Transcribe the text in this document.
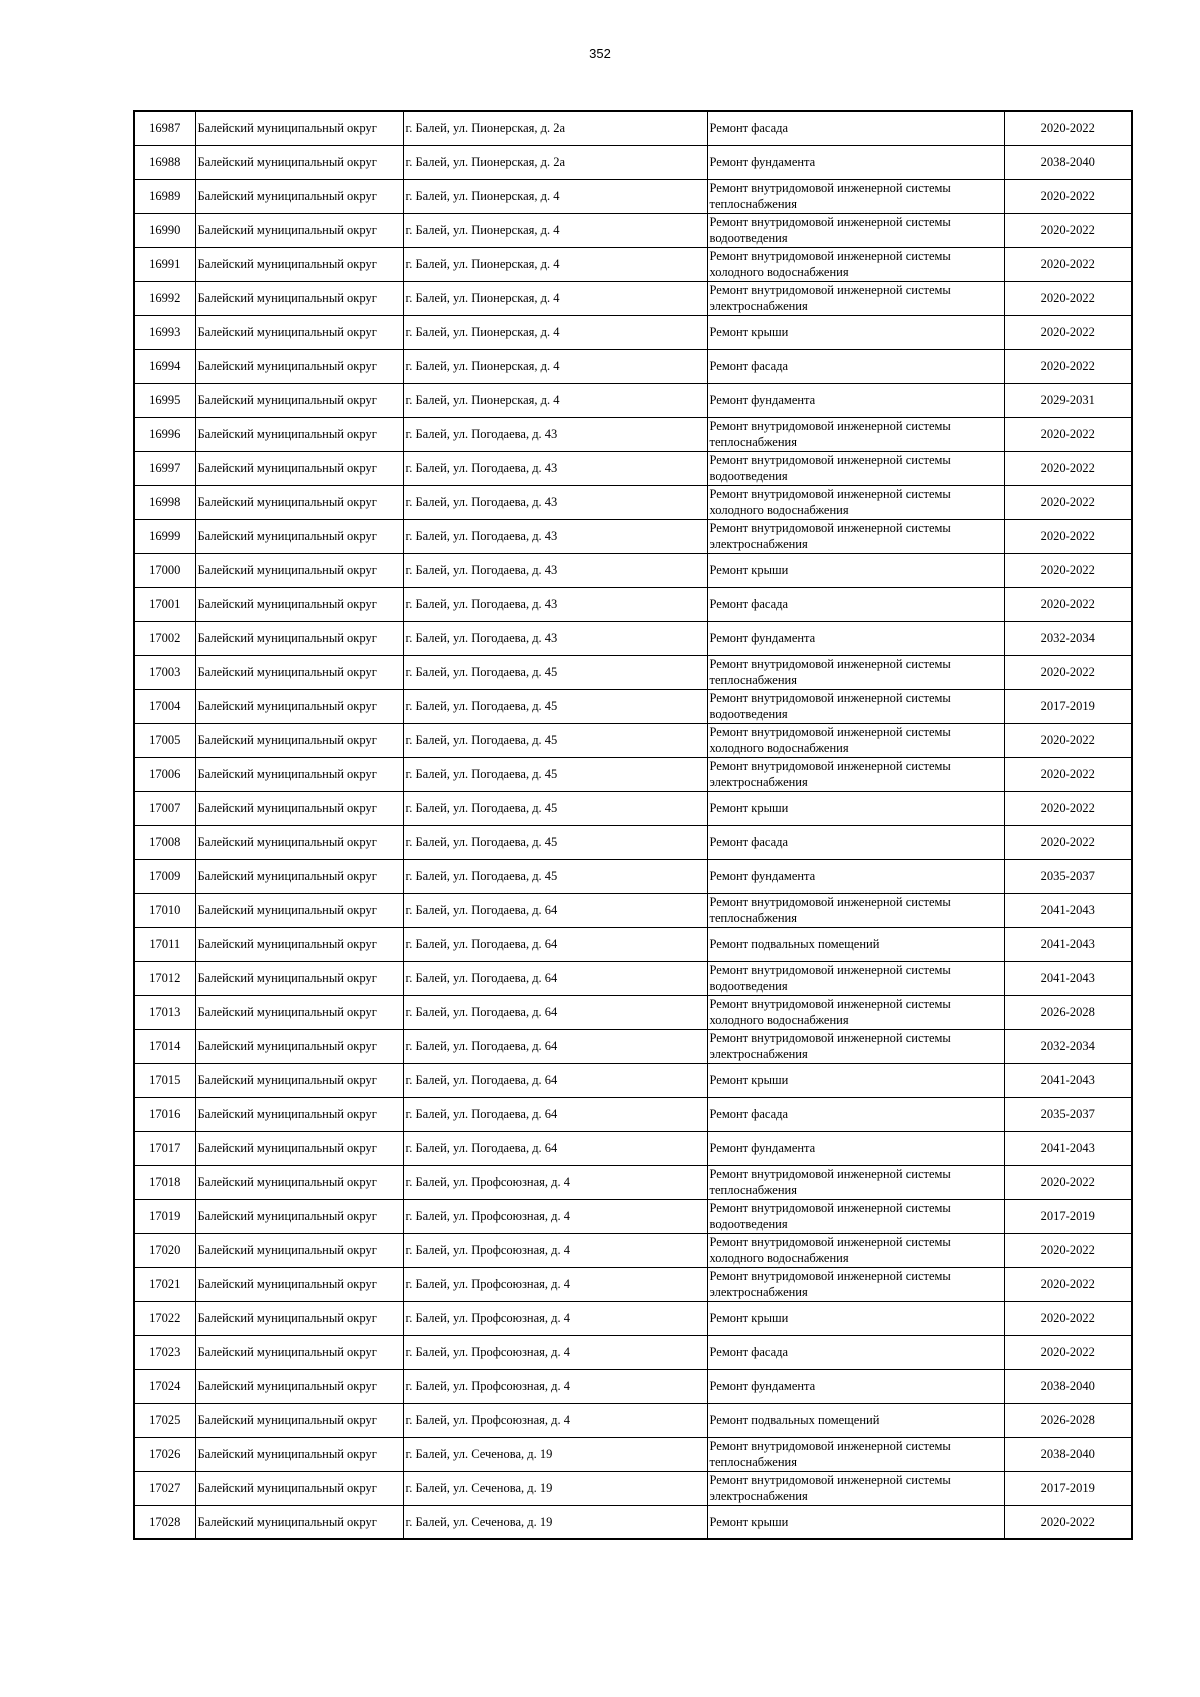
352
16987	Балейский муниципальный округ	г. Балей, ул. Пионерская, д. 2а	Ремонт фасада	2020-2022
16988	Балейский муниципальный округ	г. Балей, ул. Пионерская, д. 2а	Ремонт фундамента	2038-2040
16989	Балейский муниципальный округ	г. Балей, ул. Пионерская, д. 4	Ремонт внутридомовой инженерной системы теплоснабжения	2020-2022
16990	Балейский муниципальный округ	г. Балей, ул. Пионерская, д. 4	Ремонт внутридомовой инженерной системы водоотведения	2020-2022
16991	Балейский муниципальный округ	г. Балей, ул. Пионерская, д. 4	Ремонт внутридомовой инженерной системы холодного водоснабжения	2020-2022
16992	Балейский муниципальный округ	г. Балей, ул. Пионерская, д. 4	Ремонт внутридомовой инженерной системы электроснабжения	2020-2022
16993	Балейский муниципальный округ	г. Балей, ул. Пионерская, д. 4	Ремонт крыши	2020-2022
16994	Балейский муниципальный округ	г. Балей, ул. Пионерская, д. 4	Ремонт фасада	2020-2022
16995	Балейский муниципальный округ	г. Балей, ул. Пионерская, д. 4	Ремонт фундамента	2029-2031
16996	Балейский муниципальный округ	г. Балей, ул. Погодаева, д. 43	Ремонт внутридомовой инженерной системы теплоснабжения	2020-2022
16997	Балейский муниципальный округ	г. Балей, ул. Погодаева, д. 43	Ремонт внутридомовой инженерной системы водоотведения	2020-2022
16998	Балейский муниципальный округ	г. Балей, ул. Погодаева, д. 43	Ремонт внутридомовой инженерной системы холодного водоснабжения	2020-2022
16999	Балейский муниципальный округ	г. Балей, ул. Погодаева, д. 43	Ремонт внутридомовой инженерной системы электроснабжения	2020-2022
17000	Балейский муниципальный округ	г. Балей, ул. Погодаева, д. 43	Ремонт крыши	2020-2022
17001	Балейский муниципальный округ	г. Балей, ул. Погодаева, д. 43	Ремонт фасада	2020-2022
17002	Балейский муниципальный округ	г. Балей, ул. Погодаева, д. 43	Ремонт фундамента	2032-2034
17003	Балейский муниципальный округ	г. Балей, ул. Погодаева, д. 45	Ремонт внутридомовой инженерной системы теплоснабжения	2020-2022
17004	Балейский муниципальный округ	г. Балей, ул. Погодаева, д. 45	Ремонт внутридомовой инженерной системы водоотведения	2017-2019
17005	Балейский муниципальный округ	г. Балей, ул. Погодаева, д. 45	Ремонт внутридомовой инженерной системы холодного водоснабжения	2020-2022
17006	Балейский муниципальный округ	г. Балей, ул. Погодаева, д. 45	Ремонт внутридомовой инженерной системы электроснабжения	2020-2022
17007	Балейский муниципальный округ	г. Балей, ул. Погодаева, д. 45	Ремонт крыши	2020-2022
17008	Балейский муниципальный округ	г. Балей, ул. Погодаева, д. 45	Ремонт фасада	2020-2022
17009	Балейский муниципальный округ	г. Балей, ул. Погодаева, д. 45	Ремонт фундамента	2035-2037
17010	Балейский муниципальный округ	г. Балей, ул. Погодаева, д. 64	Ремонт внутридомовой инженерной системы теплоснабжения	2041-2043
17011	Балейский муниципальный округ	г. Балей, ул. Погодаева, д. 64	Ремонт подвальных помещений	2041-2043
17012	Балейский муниципальный округ	г. Балей, ул. Погодаева, д. 64	Ремонт внутридомовой инженерной системы водоотведения	2041-2043
17013	Балейский муниципальный округ	г. Балей, ул. Погодаева, д. 64	Ремонт внутридомовой инженерной системы холодного водоснабжения	2026-2028
17014	Балейский муниципальный округ	г. Балей, ул. Погодаева, д. 64	Ремонт внутридомовой инженерной системы электроснабжения	2032-2034
17015	Балейский муниципальный округ	г. Балей, ул. Погодаева, д. 64	Ремонт крыши	2041-2043
17016	Балейский муниципальный округ	г. Балей, ул. Погодаева, д. 64	Ремонт фасада	2035-2037
17017	Балейский муниципальный округ	г. Балей, ул. Погодаева, д. 64	Ремонт фундамента	2041-2043
17018	Балейский муниципальный округ	г. Балей, ул. Профсоюзная, д. 4	Ремонт внутридомовой инженерной системы теплоснабжения	2020-2022
17019	Балейский муниципальный округ	г. Балей, ул. Профсоюзная, д. 4	Ремонт внутридомовой инженерной системы водоотведения	2017-2019
17020	Балейский муниципальный округ	г. Балей, ул. Профсоюзная, д. 4	Ремонт внутридомовой инженерной системы холодного водоснабжения	2020-2022
17021	Балейский муниципальный округ	г. Балей, ул. Профсоюзная, д. 4	Ремонт внутридомовой инженерной системы электроснабжения	2020-2022
17022	Балейский муниципальный округ	г. Балей, ул. Профсоюзная, д. 4	Ремонт крыши	2020-2022
17023	Балейский муниципальный округ	г. Балей, ул. Профсоюзная, д. 4	Ремонт фасада	2020-2022
17024	Балейский муниципальный округ	г. Балей, ул. Профсоюзная, д. 4	Ремонт фундамента	2038-2040
17025	Балейский муниципальный округ	г. Балей, ул. Профсоюзная, д. 4	Ремонт подвальных помещений	2026-2028
17026	Балейский муниципальный округ	г. Балей, ул. Сеченова, д. 19	Ремонт внутридомовой инженерной системы теплоснабжения	2038-2040
17027	Балейский муниципальный округ	г. Балей, ул. Сеченова, д. 19	Ремонт внутридомовой инженерной системы электроснабжения	2017-2019
17028	Балейский муниципальный округ	г. Балей, ул. Сеченова, д. 19	Ремонт крыши	2020-2022
